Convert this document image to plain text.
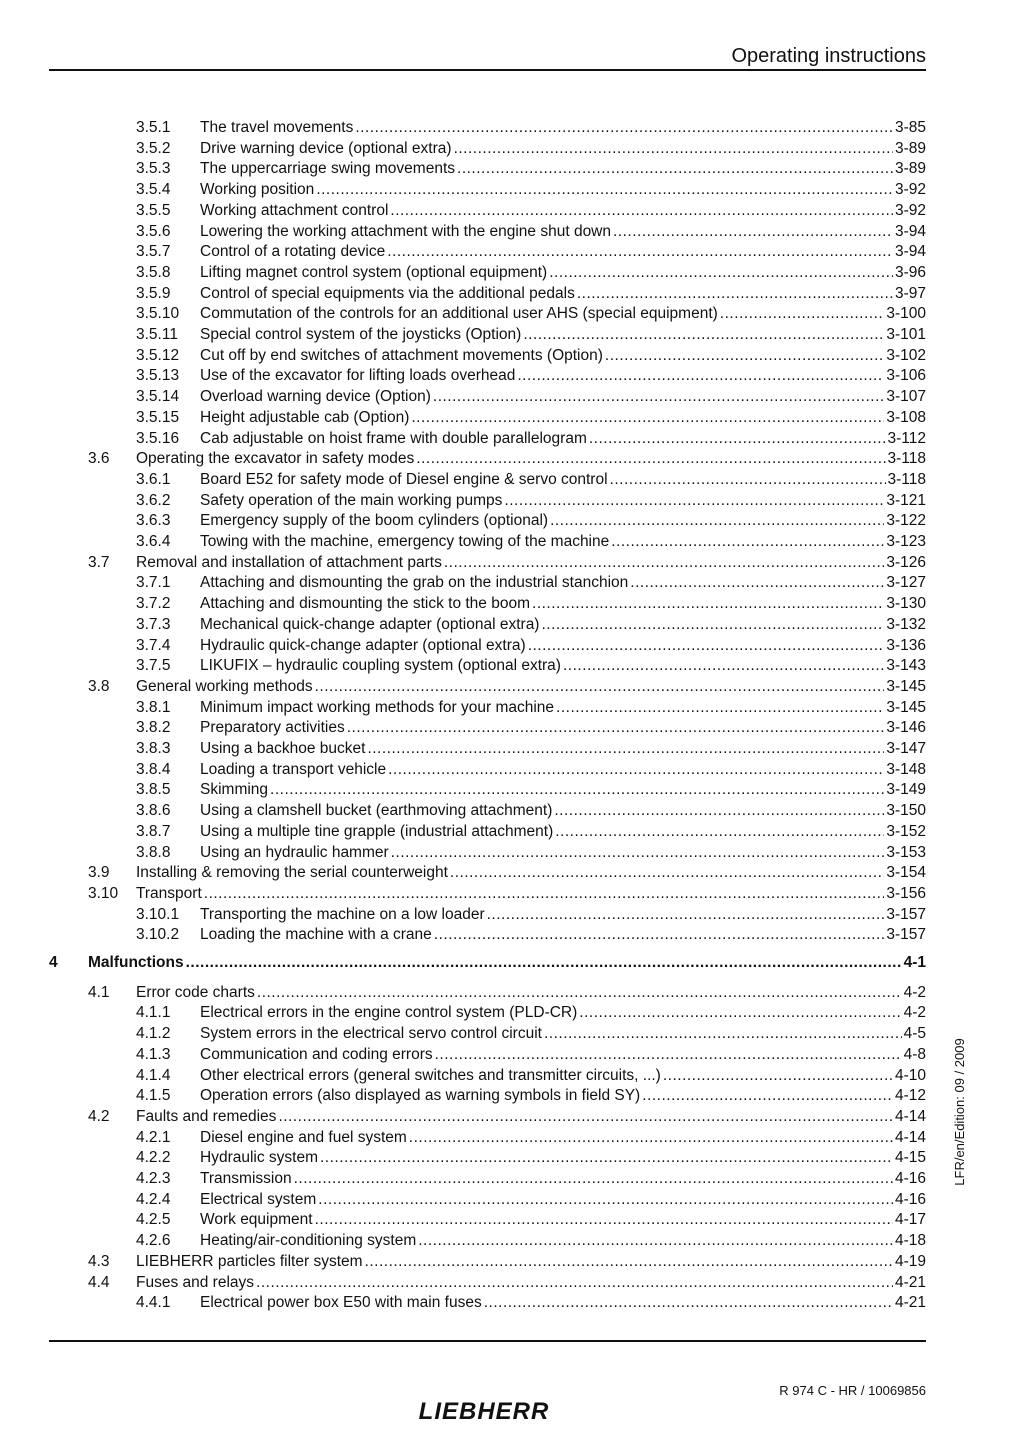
Operating instructions
3.5.1 The travel movements .....	3-85
3.5.2 Drive warning device (optional extra) .....	3-89
3.5.3 The uppercarriage swing movements .....	3-89
3.5.4 Working position .....	3-92
3.5.5 Working attachment control .....	3-92
3.5.6 Lowering the working attachment with the engine shut down .....	3-94
3.5.7 Control of a rotating device .....	3-94
3.5.8 Lifting magnet control system (optional equipment) .....	3-96
3.5.9 Control of special equipments via the additional pedals .....	3-97
3.5.10 Commutation of the controls for an additional user AHS (special equipment) .....	3-100
3.5.11 Special control system of the joysticks (Option) .....	3-101
3.5.12 Cut off by end switches of attachment movements (Option) .....	3-102
3.5.13 Use of the excavator for lifting loads overhead .....	3-106
3.5.14 Overload warning device (Option) .....	3-107
3.5.15 Height adjustable cab (Option) .....	3-108
3.5.16 Cab adjustable on hoist frame with double parallelogram .....	3-112
3.6 Operating the excavator in safety modes .....	3-118
3.6.1 Board E52 for safety mode of Diesel engine & servo control .....	3-118
3.6.2 Safety operation of the main working pumps .....	3-121
3.6.3 Emergency supply of the boom cylinders (optional) .....	3-122
3.6.4 Towing with the machine, emergency towing of the machine .....	3-123
3.7 Removal and installation of attachment parts .....	3-126
3.7.1 Attaching and dismounting the grab on the industrial stanchion .....	3-127
3.7.2 Attaching and dismounting the stick to the boom .....	3-130
3.7.3 Mechanical quick-change adapter (optional extra) .....	3-132
3.7.4 Hydraulic quick-change adapter (optional extra) .....	3-136
3.7.5 LIKUFIX – hydraulic coupling system (optional extra) .....	3-143
3.8 General working methods .....	3-145
3.8.1 Minimum impact working methods for your machine .....	3-145
3.8.2 Preparatory activities .....	3-146
3.8.3 Using a backhoe bucket .....	3-147
3.8.4 Loading a transport vehicle .....	3-148
3.8.5 Skimming .....	3-149
3.8.6 Using a clamshell bucket (earthmoving attachment) .....	3-150
3.8.7 Using a multiple tine grapple (industrial attachment) .....	3-152
3.8.8 Using an hydraulic hammer .....	3-153
3.9 Installing & removing the serial counterweight .....	3-154
3.10 Transport .....	3-156
3.10.1 Transporting the machine on a low loader .....	3-157
3.10.2 Loading the machine with a crane .....	3-157
4 Malfunctions .....	4-1
4.1 Error code charts .....	4-2
4.1.1 Electrical errors in the engine control system (PLD-CR) .....	4-2
4.1.2 System errors in the electrical servo control circuit .....	4-5
4.1.3 Communication and coding errors .....	4-8
4.1.4 Other electrical errors (general switches and transmitter circuits, ...) .....	4-10
4.1.5 Operation errors (also displayed as warning symbols in field SY) .....	4-12
4.2 Faults and remedies .....	4-14
4.2.1 Diesel engine and fuel system .....	4-14
4.2.2 Hydraulic system .....	4-15
4.2.3 Transmission .....	4-16
4.2.4 Electrical system .....	4-16
4.2.5 Work equipment .....	4-17
4.2.6 Heating/air-conditioning system .....	4-18
4.3 LIEBHERR particles filter system .....	4-19
4.4 Fuses and relays .....	4-21
4.4.1 Electrical power box E50 with main fuses .....	4-21
LFR/en/Edition: 09 / 2009
R 974 C - HR / 10069856
LIEBHERR
